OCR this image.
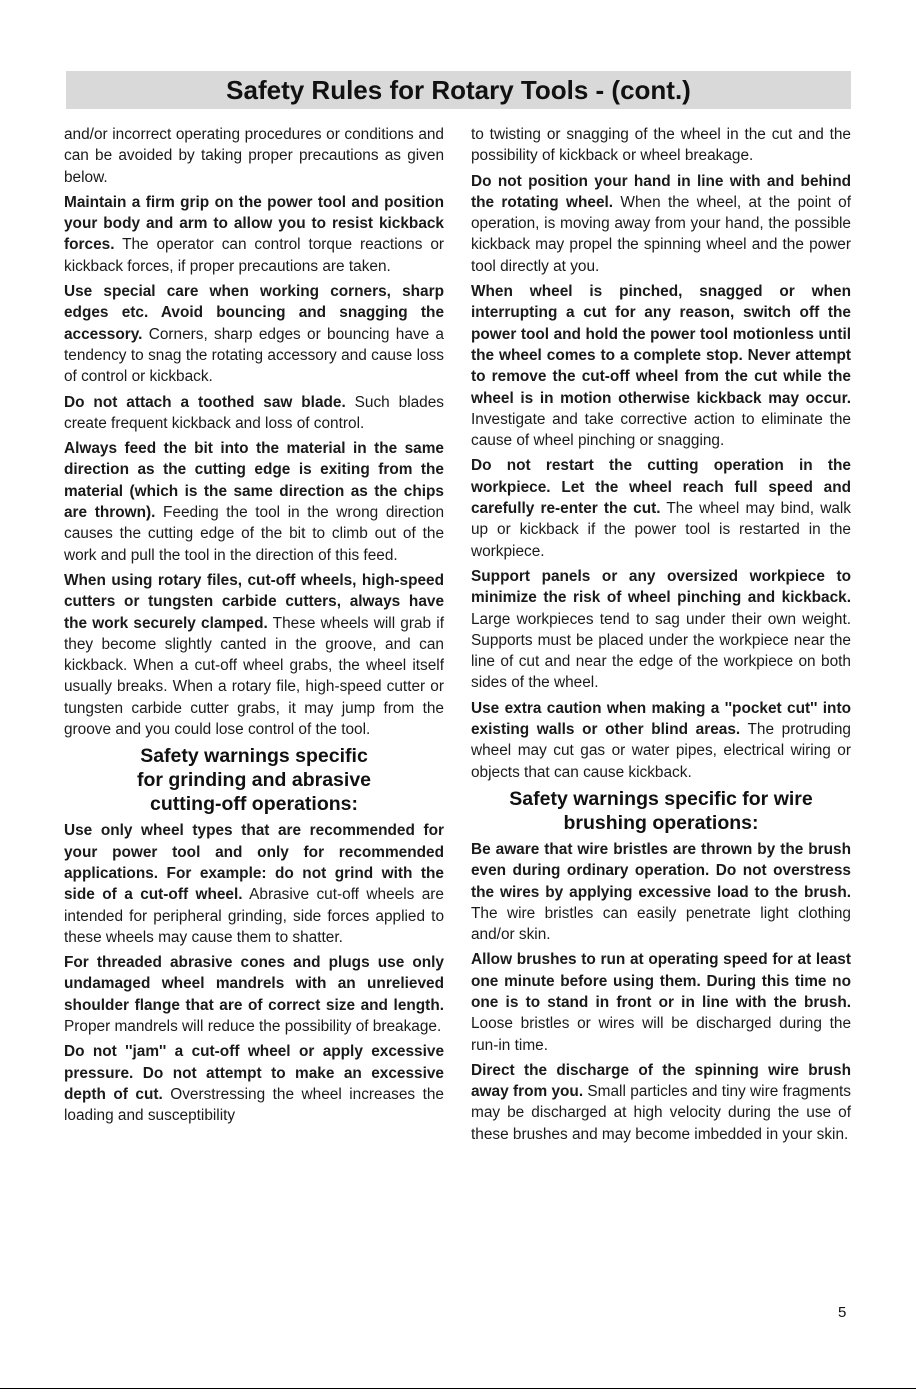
Safety Rules for Rotary Tools - (cont.)

and/or incorrect operating procedures or conditions and can be avoided by taking proper precautions as given below.

Maintain a firm grip on the power tool and position your body and arm to allow you to resist kickback forces. The operator can control torque reactions or kickback forces, if proper precautions are taken.

Use special care when working corners, sharp edges etc. Avoid bouncing and snagging the accessory. Corners, sharp edges or bouncing have a tendency to snag the rotating accessory and cause loss of control or kickback.

Do not attach a toothed saw blade. Such blades create frequent kickback and loss of control.

Always feed the bit into the material in the same direction as the cutting edge is exiting from the material (which is the same direction as the chips are thrown). Feeding the tool in the wrong direction causes the cutting edge of the bit to climb out of the work and pull the tool in the direction of this feed.

When using rotary files, cut-off wheels, high-speed cutters or tungsten carbide cutters, always have the work securely clamped. These wheels will grab if they become slightly canted in the groove, and can kickback. When a cut-off wheel grabs, the wheel itself usually breaks. When a rotary file, high-speed cutter or tungsten carbide cutter grabs, it may jump from the groove and you could lose control of the tool.

Safety warnings specific
for grinding and abrasive
cutting-off operations:

Use only wheel types that are recommended for your power tool and only for recommended applications. For example: do not grind with the side of a cut-off wheel. Abrasive cut-off wheels are intended for peripheral grinding, side forces applied to these wheels may cause them to shatter.

For threaded abrasive cones and plugs use only undamaged wheel mandrels with an unrelieved shoulder flange that are of correct size and length. Proper mandrels will reduce the possibility of breakage.

Do not ''jam'' a cut-off wheel or apply excessive pressure. Do not attempt to make an excessive depth of cut. Overstressing the wheel increases the loading and susceptibility

to twisting or snagging of the wheel in the cut and the possibility of kickback or wheel breakage.

Do not position your hand in line with and behind the rotating wheel. When the wheel, at the point of operation, is moving away from your hand, the possible kickback may propel the spinning wheel and the power tool directly at you.

When wheel is pinched, snagged or when interrupting a cut for any reason, switch off the power tool and hold the power tool motionless until the wheel comes to a complete stop. Never attempt to remove the cut-off wheel from the cut while the wheel is in motion otherwise kickback may occur. Investigate and take corrective action to eliminate the cause of wheel pinching or snagging.

Do not restart the cutting operation in the workpiece. Let the wheel reach full speed and carefully re-enter the cut. The wheel may bind, walk up or kickback if the power tool is restarted in the workpiece.

Support panels or any oversized workpiece to minimize the risk of wheel pinching and kickback. Large workpieces tend to sag under their own weight. Supports must be placed under the workpiece near the line of cut and near the edge of the workpiece on both sides of the wheel.

Use extra caution when making a ''pocket cut'' into existing walls or other blind areas. The protruding wheel may cut gas or water pipes, electrical wiring or objects that can cause kickback.

Safety warnings specific for wire
brushing operations:

Be aware that wire bristles are thrown by the brush even during ordinary operation. Do not overstress the wires by applying excessive load to the brush. The wire bristles can easily penetrate light clothing and/or skin.

Allow brushes to run at operating speed for at least one minute before using them. During this time no one is to stand in front or in line with the brush. Loose bristles or wires will be discharged during the run-in time.

Direct the discharge of the spinning wire brush away from you. Small particles and tiny wire fragments may be discharged at high velocity during the use of these brushes and may become imbedded in your skin.

5
